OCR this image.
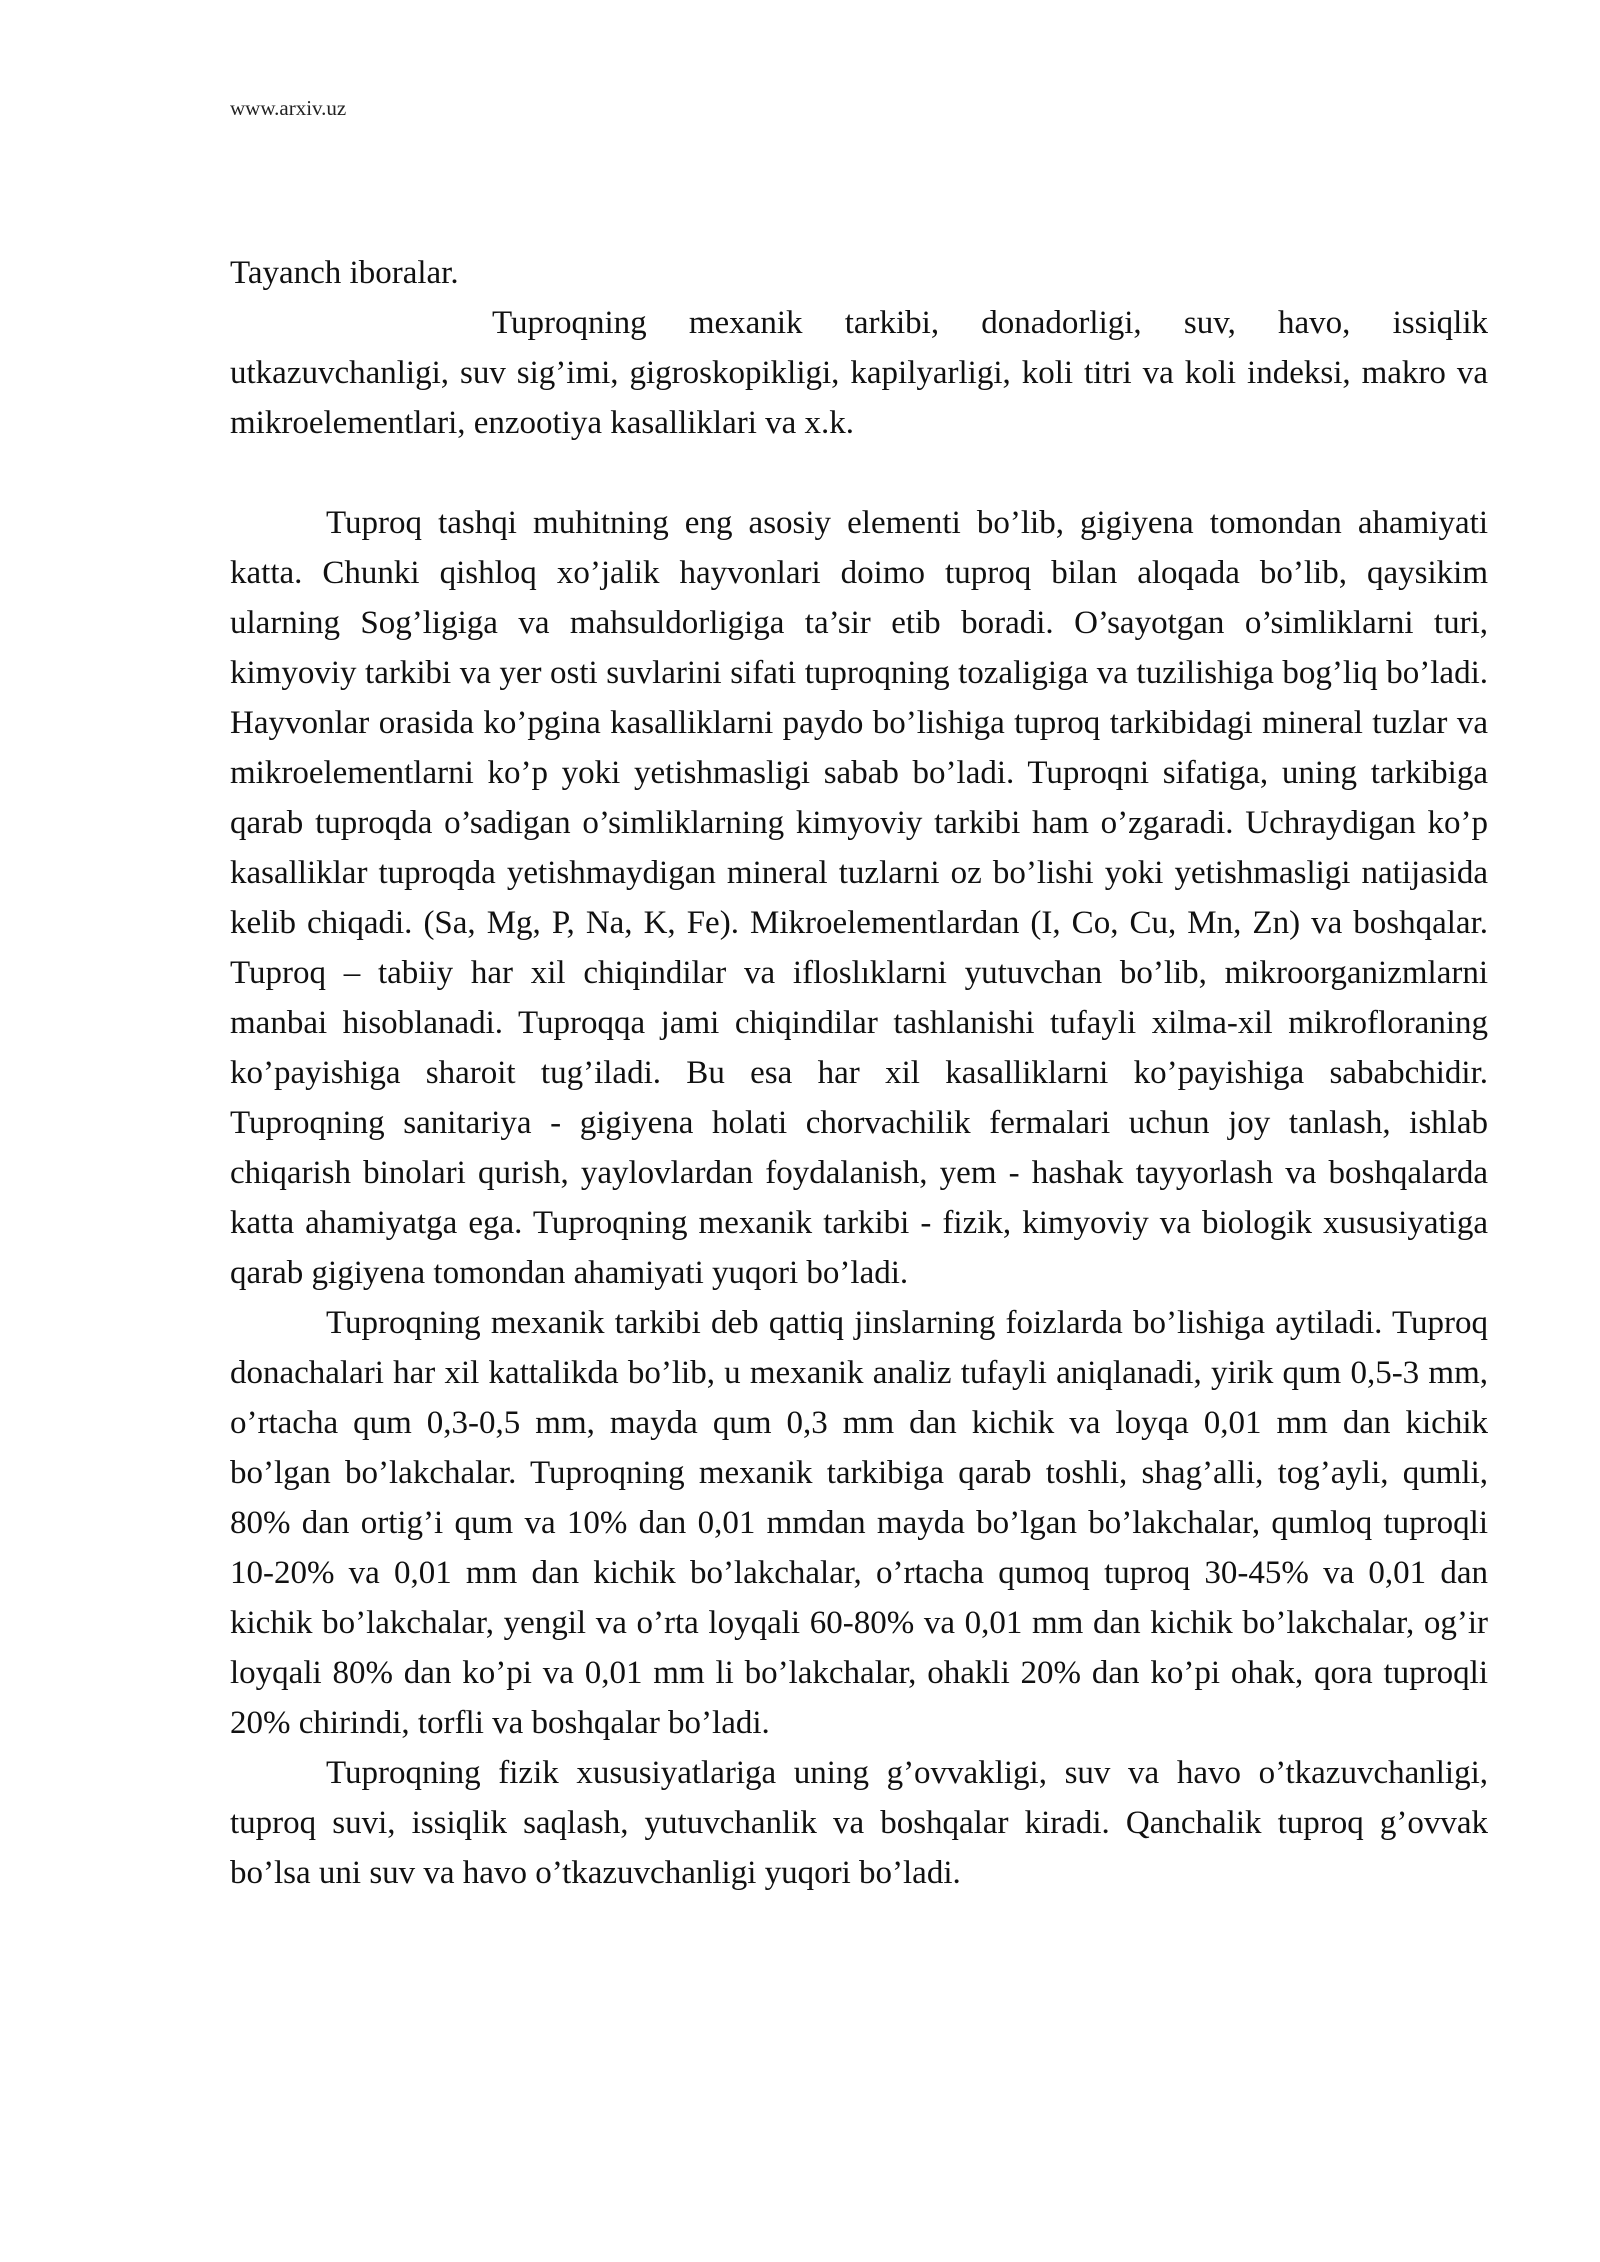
www.arxiv.uz

Tayanch iboralar.

Tuproqning mexanik tarkibi, donadorligi, suv, havo, issiqlik utkazuvchanligi, suv sig’imi, gigroskopikligi, kapilyarligi, koli titri va koli indeksi, makro va mikroelementlari, enzootiya kasalliklari va x.k.

Tuproq tashqi muhitning eng asosiy elementi bo’lib, gigiyena tomondan ahamiyati katta. Chunki qishloq xo’jalik hayvonlari doimo tuproq bilan aloqada bo’lib, qaysikim ularning Sog’ligiga va mahsuldorligiga ta’sir etib boradi. O’sayotgan o’simliklarni turi, kimyoviy tarkibi va yer osti suvlarini sifati tuproqning tozaligiga va tuzilishiga bog’liq bo’ladi. Hayvonlar orasida ko’pgina kasalliklarni paydo bo’lishiga tuproq tarkibidagi mineral tuzlar va mikroelementlarni ko’p yoki yetishmasligi sabab bo’ladi. Tuproqni sifatiga, uning tarkibiga qarab tuproqda o’sadigan o’simliklarning kimyoviy tarkibi ham o’zgaradi. Uchraydigan ko’p kasalliklar tuproqda yetishmaydigan mineral tuzlarni oz bo’lishi yoki yetishmasligi natijasida kelib chiqadi. (Sa, Mg, P, Na, K, Fe). Mikroelementlardan (I, Co, Cu, Mn, Zn) va boshqalar. Tuproq – tabiiy har xil chiqindilar va ifloslıklarni yutuvchan bo’lib, mikroorganizmlarni manbai hisoblanadi. Tuproqqa jami chiqindilar tashlanishi tufayli xilma-xil mikrofloraning ko’payishiga sharoit tug’iladi. Bu esa har xil kasalliklarni ko’payishiga sababchidir. Tuproqning sanitariya - gigiyena holati chorvachilik fermalari uchun joy tanlash, ishlab chiqarish binolari qurish, yaylovlardan foydalanish, yem - hashak tayyorlash va boshqalarda katta ahamiyatga ega. Tuproqning mexanik tarkibi - fizik, kimyoviy va biologik xususiyatiga qarab gigiyena tomondan ahamiyati yuqori bo’ladi.

Tuproqning mexanik tarkibi deb qattiq jinslarning foizlarda bo’lishiga aytiladi. Tuproq donachalari har xil kattalikda bo’lib, u mexanik analiz tufayli aniqlanadi, yirik qum 0,5-3 mm, o’rtacha qum 0,3-0,5 mm, mayda qum 0,3 mm dan kichik va loyqa 0,01 mm dan kichik bo’lgan bo’lakchalar. Tuproqning mexanik tarkibiga qarab toshli, shag’alli, tog’ayli, qumli, 80% dan ortig’i qum va 10% dan 0,01 mmdan mayda bo’lgan bo’lakchalar, qumloq tuproqli 10-20% va 0,01 mm dan kichik bo’lakchalar, o’rtacha qumoq tuproq 30-45% va 0,01 dan kichik bo’lakchalar, yengil va o’rta loyqali 60-80% va 0,01 mm dan kichik bo’lakchalar, og’ir loyqali 80% dan ko’pi va 0,01 mm li bo’lakchalar, ohakli 20% dan ko’pi ohak, qora tuproqli 20% chirindi, torfli va boshqalar bo’ladi.

Tuproqning fizik xususiyatlariga uning g’ovvakligi, suv va havo o’tkazuvchanligi, tuproq suvi, issiqlik saqlash, yutuvchanlik va boshqalar kiradi. Qanchalik tuproq g’ovvak bo’lsa uni suv va havo o’tkazuvchanligi yuqori bo’ladi.
